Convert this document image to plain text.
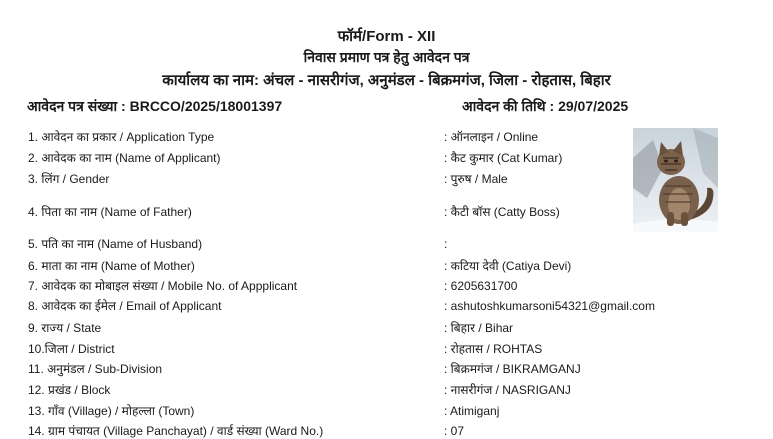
फॉर्म/Form - XII
निवास प्रमाण पत्र हेतु आवेदन पत्र
कार्यालय का नाम: अंचल - नासरीगंज, अनुमंडल - बिक्रमगंज, जिला - रोहतास, बिहार
आवेदन पत्र संख्या : BRCCO/2025/18001397	आवेदन की तिथि : 29/07/2025
1. आवेदन का प्रकार / Application Type	: ऑनलाइन / Online
2. आवेदक का नाम (Name of Applicant)	: कैट कुमार (Cat Kumar)
3. लिंग / Gender	: पुरुष / Male
4. पिता का नाम (Name of Father)	: कैटी बॉस (Catty Boss)
5. पति का नाम (Name of Husband)	:
6. माता का नाम (Name of Mother)	: कटिया देवी (Catiya Devi)
7. आवेदक का मोबाइल संख्या / Mobile No. of Appplicant	: 6205631700
8. आवेदक का ईमेल / Email of Applicant	: ashutoshkumarsoni54321@gmail.com
9. राज्य / State	: बिहार / Bihar
10.जिला / District	: रोहतास / ROHTAS
11. अनुमंडल / Sub-Division	: बिक्रमगंज / BIKRAMGANJ
12. प्रखंड / Block	: नासरीगंज / NASRIGANJ
13. गाँव (Village) / मोहल्ला (Town)	: Atimiganj
14. ग्राम पंचायत (Village Panchayat) / वार्ड संख्या (Ward No.)	: 07
